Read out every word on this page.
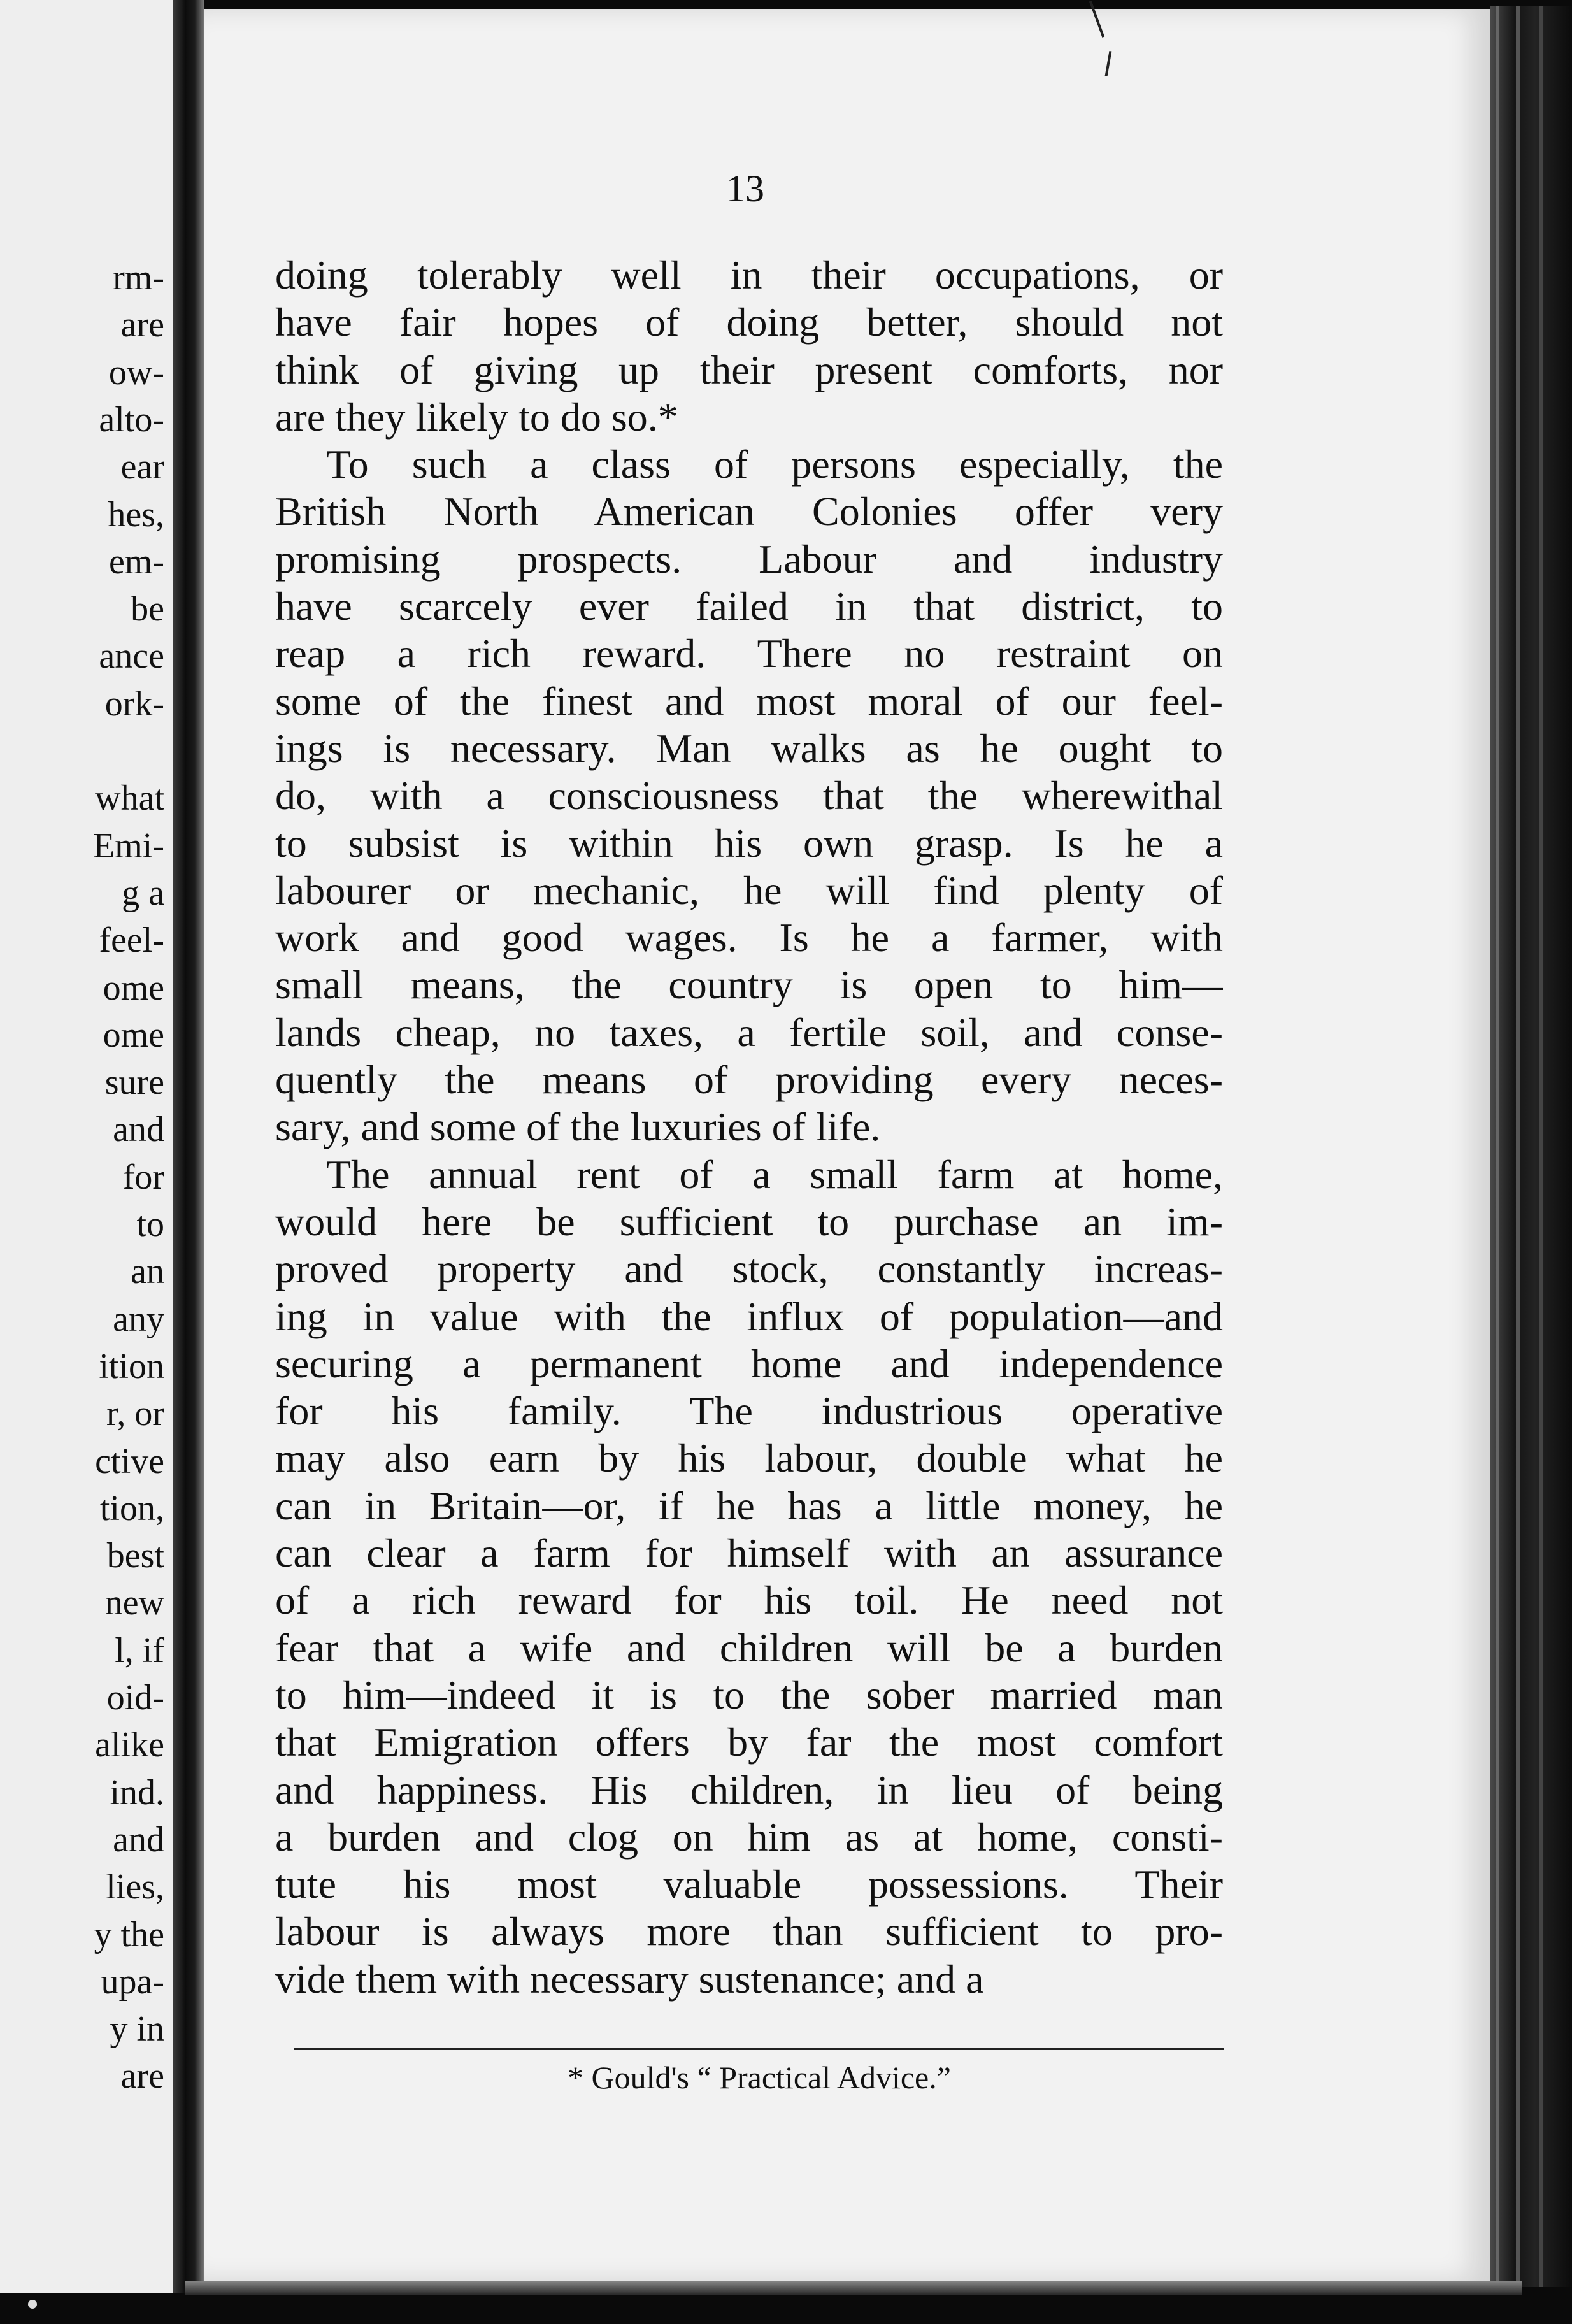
rm-
are
ow-
alto-
ear
hes,
em-
be
ance
ork-
what
Emi-
g a
feel-
ome
ome
sure
and
for
to
an
any
ition
r, or
ctive
tion,
best
new
l, if
oid-
alike
ind.
and
lies,
y the
upa-
y in
are
13
doing tolerably well in their occupations, or
have fair hopes of doing better, should not
think of giving up their present comforts, nor
are they likely to do so.*
To such a class of persons especially, the
British North American Colonies offer very
promising prospects. Labour and industry
have scarcely ever failed in that district, to
reap a rich reward. There no restraint on
some of the finest and most moral of our feel-
ings is necessary. Man walks as he ought to
do, with a consciousness that the wherewithal
to subsist is within his own grasp. Is he a
labourer or mechanic, he will find plenty of
work and good wages. Is he a farmer, with
small means, the country is open to him—
lands cheap, no taxes, a fertile soil, and conse-
quently the means of providing every neces-
sary, and some of the luxuries of life.
The annual rent of a small farm at home,
would here be sufficient to purchase an im-
proved property and stock, constantly increas-
ing in value with the influx of population—and
securing a permanent home and independence
for his family. The industrious operative
may also earn by his labour, double what he
can in Britain—or, if he has a little money, he
can clear a farm for himself with an assurance
of a rich reward for his toil. He need not
fear that a wife and children will be a burden
to him—indeed it is to the sober married man
that Emigration offers by far the most comfort
and happiness. His children, in lieu of being
a burden and clog on him as at home, consti-
tute his most valuable possessions. Their
labour is always more than sufficient to pro-
vide them with necessary sustenance; and a
* Gould's “ Practical Advice.”
